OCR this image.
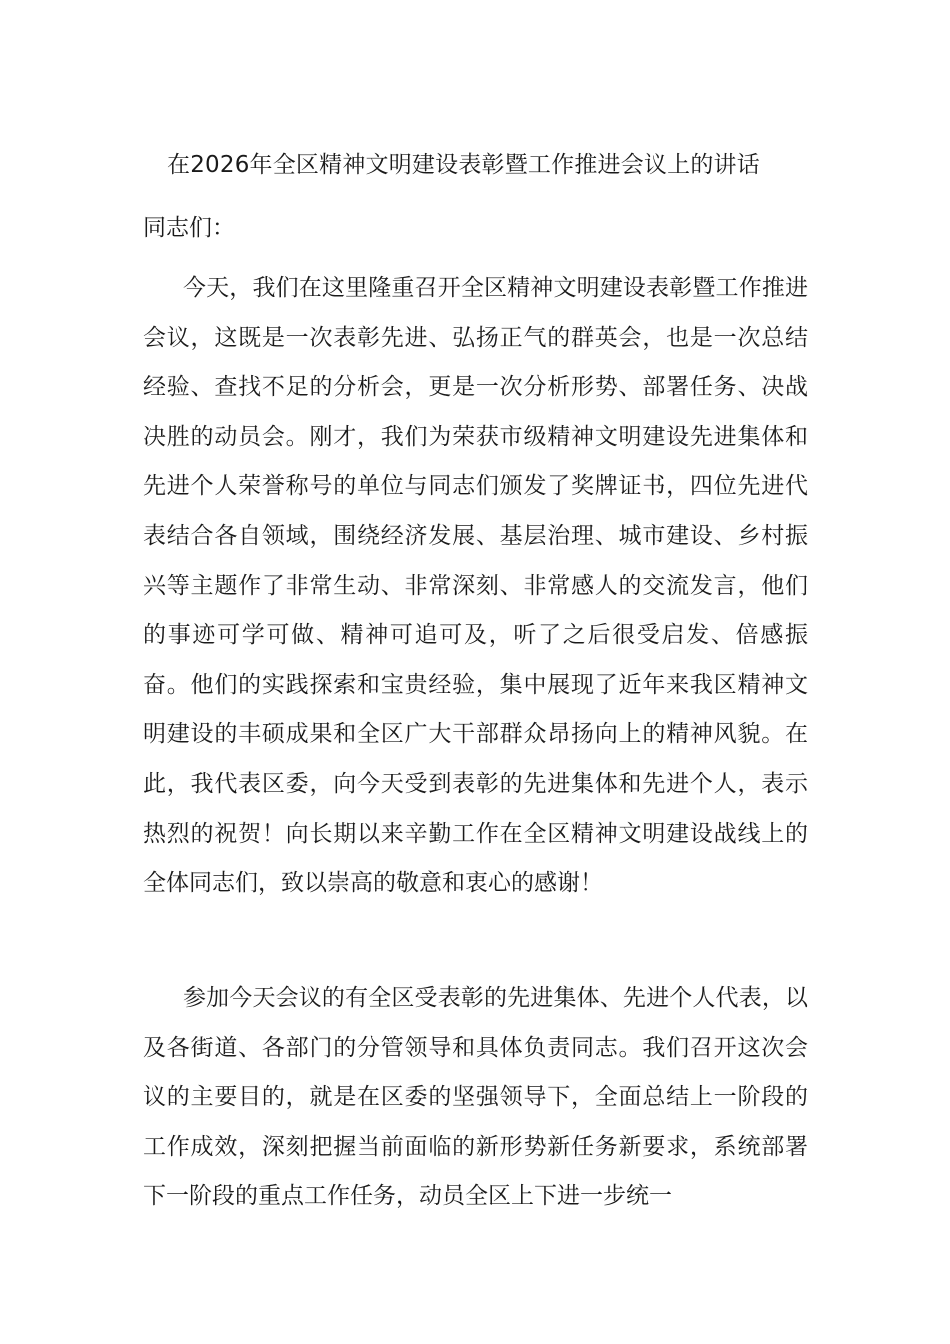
在2026年全区精神文明建设表彰暨工作推进会议上的讲话
同志们：

今天，我们在这里隆重召开全区精神文明建设表彰暨工作推进会议，这既是一次表彰先进、弘扬正气的群英会，也是一次总结经验、查找不足的分析会，更是一次分析形势、部署任务、决战决胜的动员会。刚才，我们为荣获市级精神文明建设先进集体和先进个人荣誉称号的单位与同志们颁发了奖牌证书，四位先进代表结合各自领域，围绕经济发展、基层治理、城市建设、乡村振兴等主题作了非常生动、非常深刻、非常感人的交流发言，他们的事迹可学可做、精神可追可及，听了之后很受启发、倍感振奋。他们的实践探索和宝贵经验，集中展现了近年来我区精神文明建设的丰硕成果和全区广大干部群众昂扬向上的精神风貌。在此，我代表区委，向今天受到表彰的先进集体和先进个人，表示热烈的祝贺！向长期以来辛勤工作在全区精神文明建设战线上的全体同志们，致以崇高的敬意和衷心的感谢！

参加今天会议的有全区受表彰的先进集体、先进个人代表，以及各街道、各部门的分管领导和具体负责同志。我们召开这次会议的主要目的，就是在区委的坚强领导下，全面总结上一阶段的工作成效，深刻把握当前面临的新形势新任务新要求，系统部署下一阶段的重点工作任务，动员全区上下进一步统一
